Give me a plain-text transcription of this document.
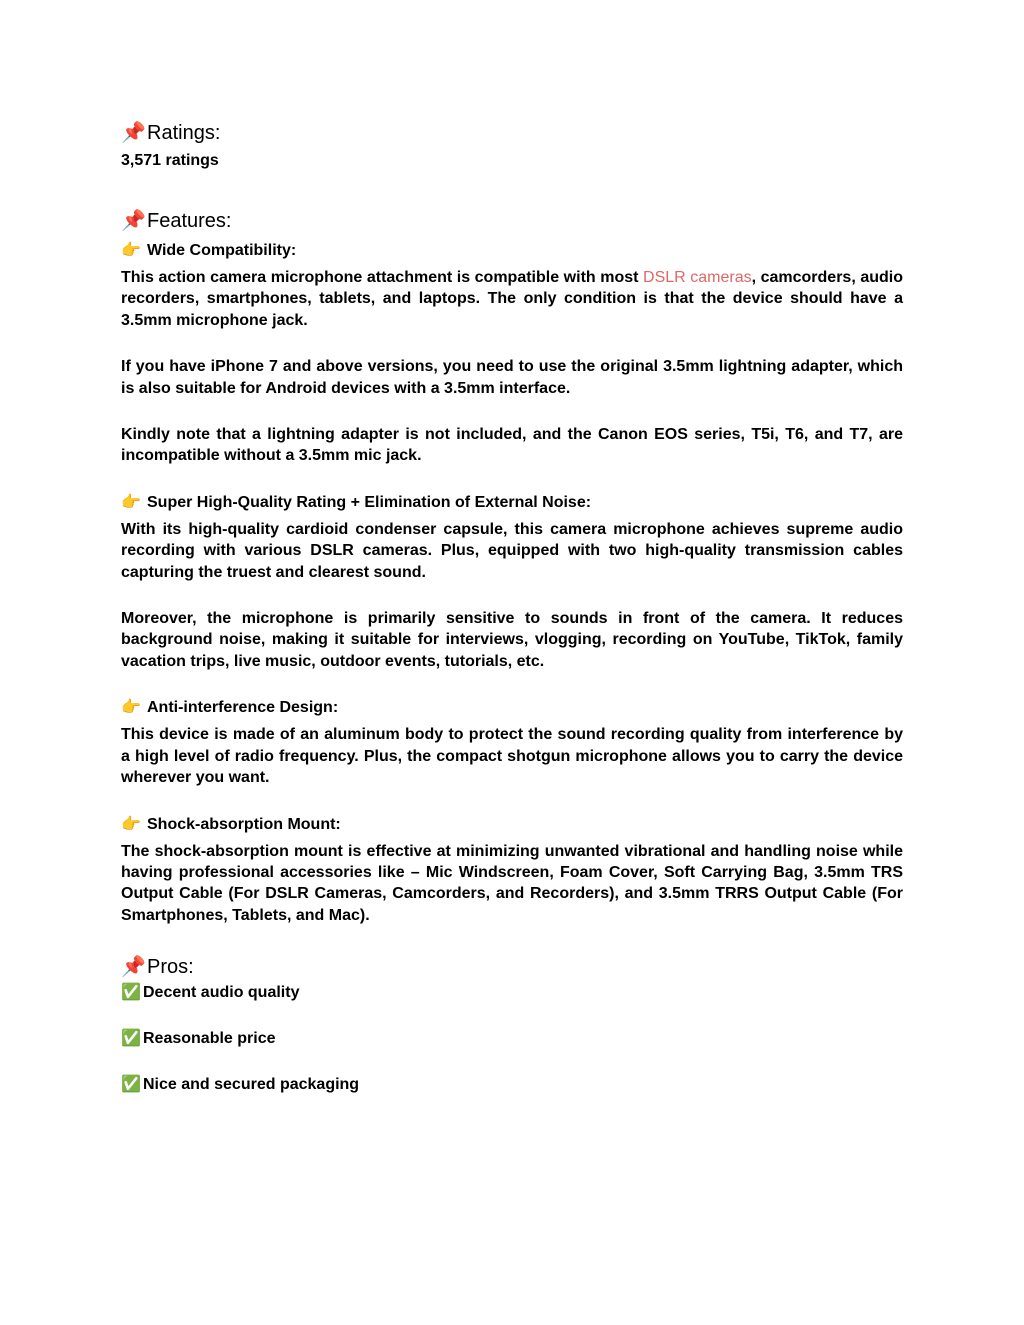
📌Ratings:

3,571 ratings

📌Features:

👉 Wide Compatibility:

This action camera microphone attachment is compatible with most DSLR cameras, camcorders, audio recorders, smartphones, tablets, and laptops. The only condition is that the device should have a 3.5mm microphone jack.

If you have iPhone 7 and above versions, you need to use the original 3.5mm lightning adapter, which is also suitable for Android devices with a 3.5mm interface.

Kindly note that a lightning adapter is not included, and the Canon EOS series, T5i, T6, and T7, are incompatible without a 3.5mm mic jack.

👉 Super High-Quality Rating + Elimination of External Noise:

With its high-quality cardioid condenser capsule, this camera microphone achieves supreme audio recording with various DSLR cameras. Plus, equipped with two high-quality transmission cables capturing the truest and clearest sound.

Moreover, the microphone is primarily sensitive to sounds in front of the camera. It reduces background noise, making it suitable for interviews, vlogging, recording on YouTube, TikTok, family vacation trips, live music, outdoor events, tutorials, etc.

👉 Anti-interference Design:

This device is made of an aluminum body to protect the sound recording quality from interference by a high level of radio frequency. Plus, the compact shotgun microphone allows you to carry the device wherever you want.

👉 Shock-absorption Mount:

The shock-absorption mount is effective at minimizing unwanted vibrational and handling noise while having professional accessories like – Mic Windscreen, Foam Cover, Soft Carrying Bag, 3.5mm TRS Output Cable (For DSLR Cameras, Camcorders, and Recorders), and 3.5mm TRRS Output Cable (For Smartphones, Tablets, and Mac).

📌Pros:

✅ Decent audio quality

✅ Reasonable price

✅ Nice and secured packaging
